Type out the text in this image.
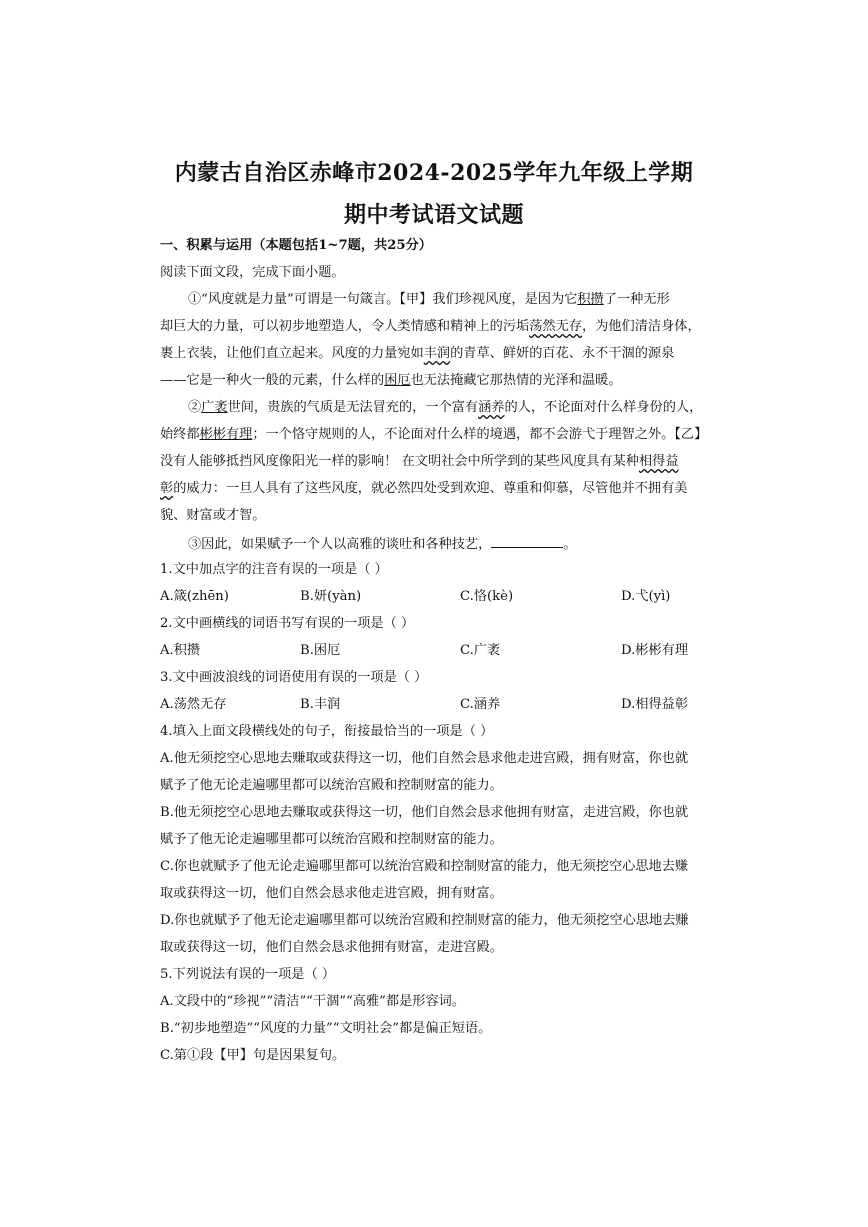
内蒙古自治区赤峰市2024-2025学年九年级上学期
期中考试语文试题
一、积累与运用（本题包括1~7题，共25分）
阅读下面文段，完成下面小题。
①“风度就是力量”可谓是一句箴言。【甲】我们珍视风度，是因为它积攒了一种无形
却巨大的力量，可以初步地塑造人，令人类情感和精神上的污垢荡然无存，为他们清洁身体，
裹上衣装，让他们直立起来。风度的力量宛如丰润的青草、鲜妍的百花、永不干涸的源泉
——它是一种火一般的元素，什么样的困厄也无法掩藏它那热情的光泽和温暖。
②广袤世间，贵族的气质是无法冒充的，一个富有涵养的人，不论面对什么样身份的人，
始终都彬彬有理；一个恪守规则的人，不论面对什么样的境遇，都不会游弋于理智之外。【乙】
没有人能够抵挡风度像阳光一样的影响！ 在文明社会中所学到的某些风度具有某种相得益
彰的威力：一旦人具有了这些风度，就必然四处受到欢迎、尊重和仰慕，尽管他并不拥有美
貌、财富或才智。
③因此，如果赋予一个人以高雅的谈吐和各种技艺，	。
1.文中加点字的注音有误的一项是（ ）
A.箴(zhēn)	B.妍(yàn)	C.恪(kè)	D.弋(yì)
2.文中画横线的词语书写有误的一项是（ ）
A.积攒	B.困厄	C.广袤	D.彬彬有理
3.文中画波浪线的词语使用有误的一项是（ ）
A.荡然无存	B.丰润	C.涵养	D.相得益彰
4.填入上面文段横线处的句子，衔接最恰当的一项是（ ）
A.他无须挖空心思地去赚取或获得这一切，他们自然会恳求他走进宫殿，拥有财富，你也就
赋予了他无论走遍哪里都可以统治宫殿和控制财富的能力。
B.他无须挖空心思地去赚取或获得这一切，他们自然会恳求他拥有财富，走进宫殿，你也就
赋予了他无论走遍哪里都可以统治宫殿和控制财富的能力。
C.你也就赋予了他无论走遍哪里都可以统治宫殿和控制财富的能力，他无须挖空心思地去赚
取或获得这一切，他们自然会恳求他走进宫殿，拥有财富。
D.你也就赋予了他无论走遍哪里都可以统治宫殿和控制财富的能力，他无须挖空心思地去赚
取或获得这一切，他们自然会恳求他拥有财富，走进宫殿。
5.下列说法有误的一项是（ ）
A.文段中的“珍视”“清洁”“干涸”“高雅”都是形容词。
B.“初步地塑造”“风度的力量”“文明社会”都是偏正短语。
C.第①段【甲】句是因果复句。
